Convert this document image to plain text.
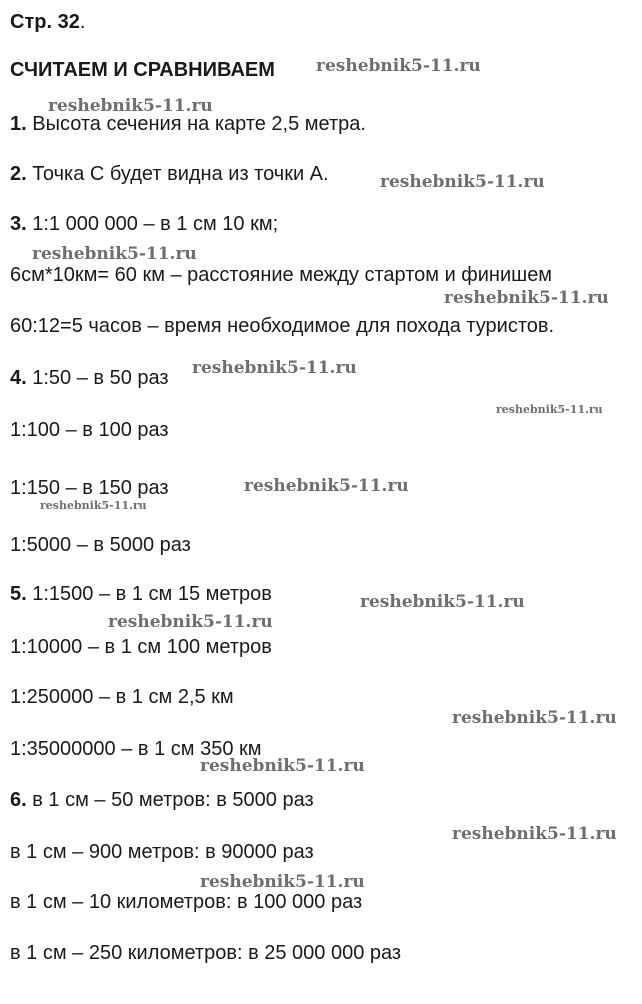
Стр. 32.
СЧИТАЕМ И СРАВНИВАЕМ
1. Высота сечения на карте 2,5 метра.
2. Точка С будет видна из точки А.
3. 1:1 000 000 – в 1 см 10 км;
6см*10км= 60 км – расстояние между стартом и финишем
60:12=5 часов – время необходимое для похода туристов.
4. 1:50 – в 50 раз
1:100 – в 100 раз
1:150 – в 150 раз
1:5000 – в 5000 раз
5. 1:1500 – в 1 см 15 метров
1:10000 – в 1 см 100 метров
1:250000 – в 1 см 2,5 км
1:35000000 – в 1 см 350 км
6. в 1 см – 50 метров: в 5000 раз
в 1 см – 900 метров: в 90000 раз
в 1 см – 10 километров: в 100 000 раз
в 1 см – 250 километров: в 25 000 000 раз
reshebnik5-11.ru
reshebnik5-11.ru
reshebnik5-11.ru
reshebnik5-11.ru
reshebnik5-11.ru
reshebnik5-11.ru
reshebnik5-11.ru
reshebnik5-11.ru
reshebnik5-11.ru
reshebnik5-11.ru
reshebnik5-11.ru
reshebnik5-11.ru
reshebnik5-11.ru
reshebnik5-11.ru
reshebnik5-11.ru
